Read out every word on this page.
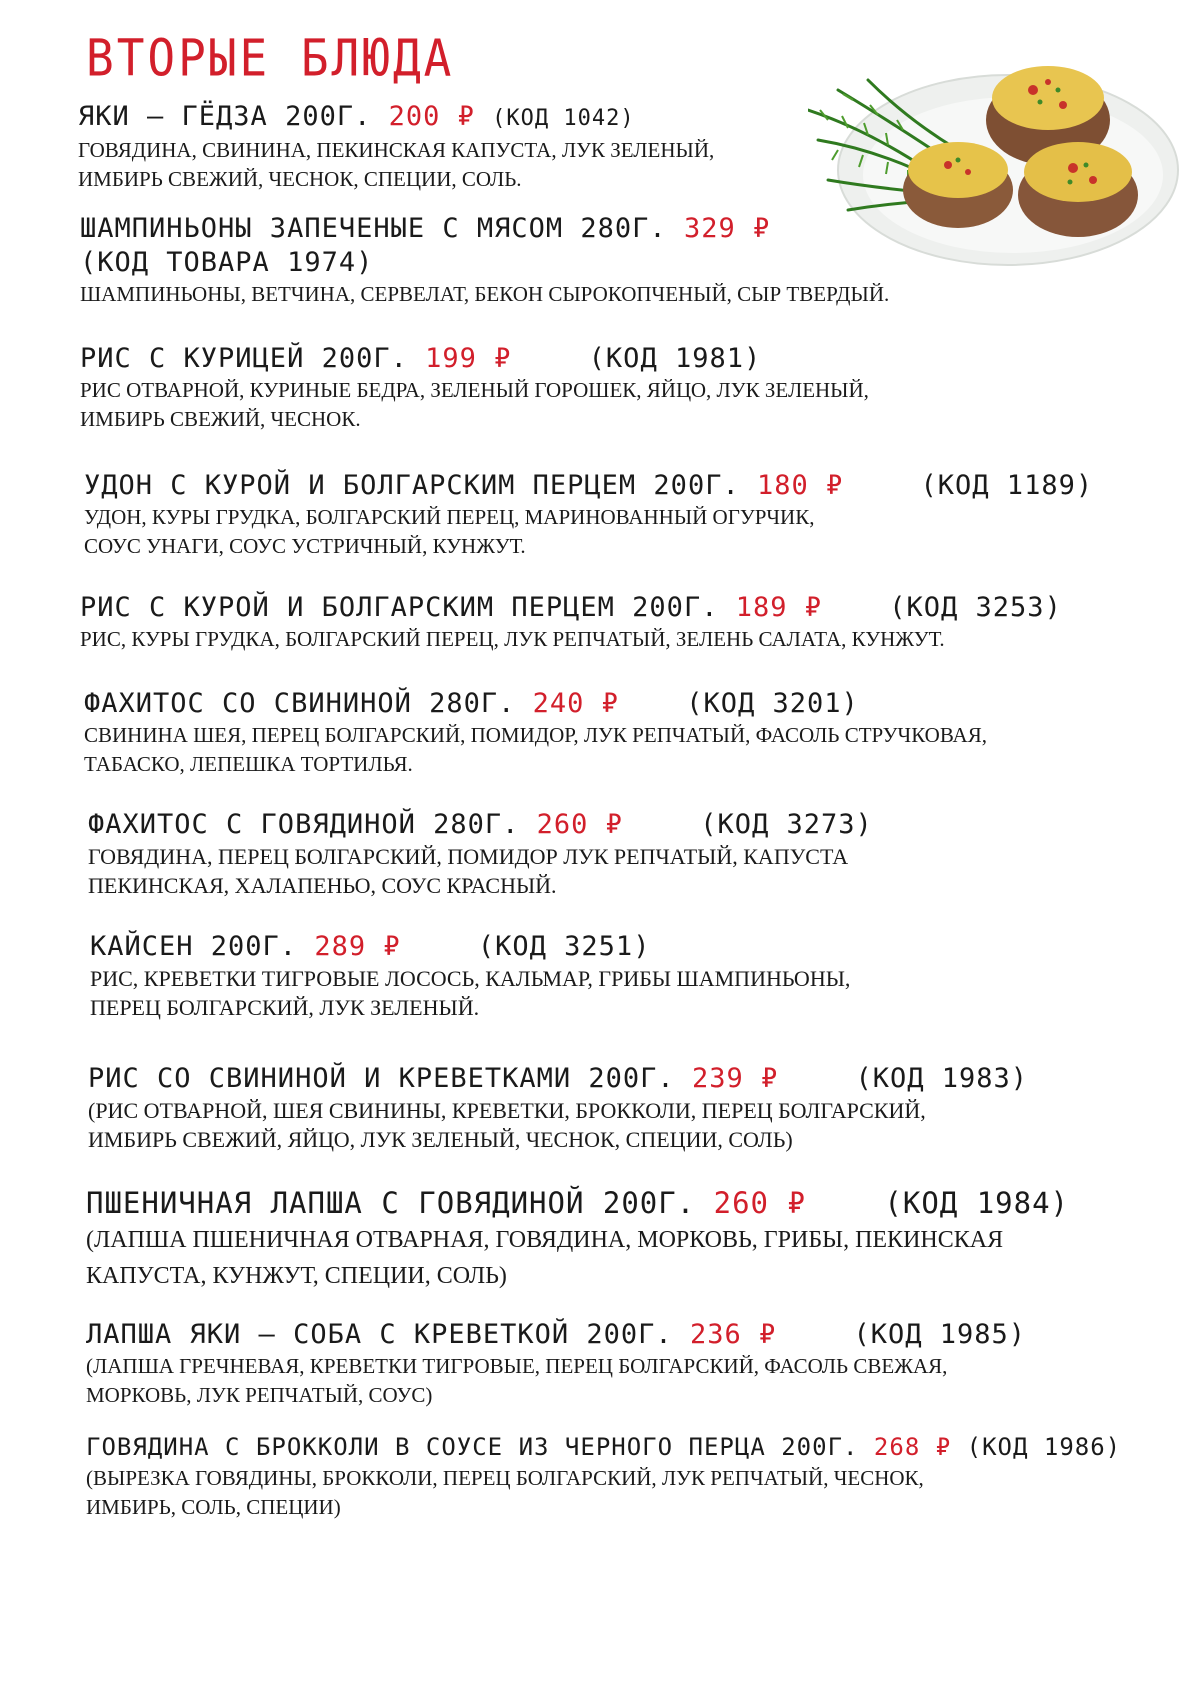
ВТОРЫЕ БЛЮДА
ЯКИ – ГЁДЗА 200Г. 200 ₽ (КОД 1042)
ГОВЯДИНА, СВИНИНА, ПЕКИНСКАЯ КАПУСТА, ЛУК ЗЕЛЕНЫЙ,
ИМБИРЬ СВЕЖИЙ, ЧЕСНОК, СПЕЦИИ, СОЛЬ.
ШАМПИНЬОНЫ ЗАПЕЧЕНЫЕ С МЯСОМ 280Г. 329 ₽
(КОД ТОВАРА 1974)
ШАМПИНЬОНЫ, ВЕТЧИНА, СЕРВЕЛАТ, БЕКОН СЫРОКОПЧЕНЫЙ, СЫР ТВЕРДЫЙ.
РИС С КУРИЦЕЙ 200Г. 199 ₽	(КОД 1981)
РИС ОТВАРНОЙ, КУРИНЫЕ БЕДРА, ЗЕЛЕНЫЙ ГОРОШЕК, ЯЙЦО, ЛУК ЗЕЛЕНЫЙ,
ИМБИРЬ СВЕЖИЙ, ЧЕСНОК.
УДОН С КУРОЙ И БОЛГАРСКИМ ПЕРЦЕМ 200Г. 180 ₽	(КОД 1189)
УДОН, КУРЫ ГРУДКА, БОЛГАРСКИЙ ПЕРЕЦ, МАРИНОВАННЫЙ ОГУРЧИК,
СОУС УНАГИ, СОУС УСТРИЧНЫЙ, КУНЖУТ.
РИС С КУРОЙ И БОЛГАРСКИМ ПЕРЦЕМ 200Г. 189 ₽ (КОД 3253)
РИС, КУРЫ ГРУДКА, БОЛГАРСКИЙ ПЕРЕЦ, ЛУК РЕПЧАТЫЙ, ЗЕЛЕНЬ САЛАТА, КУНЖУТ.
ФАХИТОС СО СВИНИНОЙ 280Г. 240 ₽ (КОД 3201)
СВИНИНА ШЕЯ, ПЕРЕЦ БОЛГАРСКИЙ, ПОМИДОР, ЛУК РЕПЧАТЫЙ, ФАСОЛЬ СТРУЧКОВАЯ,
ТАБАСКО, ЛЕПЕШКА ТОРТИЛЬЯ.
ФАХИТОС С ГОВЯДИНОЙ 280Г. 260 ₽	(КОД 3273)
ГОВЯДИНА, ПЕРЕЦ БОЛГАРСКИЙ, ПОМИДОР ЛУК РЕПЧАТЫЙ, КАПУСТА
ПЕКИНСКАЯ, ХАЛАПЕНЬО, СОУС КРАСНЫЙ.
КАЙСЕН 200Г. 289 ₽	(КОД 3251)
РИС, КРЕВЕТКИ ТИГРОВЫЕ ЛОСОСЬ, КАЛЬМАР, ГРИБЫ ШАМПИНЬОНЫ,
ПЕРЕЦ БОЛГАРСКИЙ, ЛУК ЗЕЛЕНЫЙ.
РИС СО СВИНИНОЙ И КРЕВЕТКАМИ 200Г. 239 ₽	(КОД 1983)
(РИС ОТВАРНОЙ, ШЕЯ СВИНИНЫ, КРЕВЕТКИ, БРОККОЛИ, ПЕРЕЦ БОЛГАРСКИЙ,
ИМБИРЬ СВЕЖИЙ, ЯЙЦО, ЛУК ЗЕЛЕНЫЙ, ЧЕСНОК, СПЕЦИИ, СОЛЬ)
ПШЕНИЧНАЯ ЛАПША С ГОВЯДИНОЙ 200Г. 260 ₽	(КОД 1984)
(ЛАПША ПШЕНИЧНАЯ ОТВАРНАЯ, ГОВЯДИНА, МОРКОВЬ, ГРИБЫ, ПЕКИНСКАЯ
КАПУСТА, КУНЖУТ, СПЕЦИИ, СОЛЬ)
ЛАПША ЯКИ – СОБА С КРЕВЕТКОЙ 200Г. 236 ₽	(КОД 1985)
(ЛАПША ГРЕЧНЕВАЯ, КРЕВЕТКИ ТИГРОВЫЕ, ПЕРЕЦ БОЛГАРСКИЙ, ФАСОЛЬ СВЕЖАЯ,
МОРКОВЬ, ЛУК РЕПЧАТЫЙ, СОУС)
ГОВЯДИНА С БРОККОЛИ В СОУСЕ ИЗ ЧЕРНОГО ПЕРЦА 200Г. 268 ₽ (КОД 1986)
(ВЫРЕЗКА ГОВЯДИНЫ, БРОККОЛИ, ПЕРЕЦ БОЛГАРСКИЙ, ЛУК РЕПЧАТЫЙ, ЧЕСНОК,
ИМБИРЬ, СОЛЬ, СПЕЦИИ)
